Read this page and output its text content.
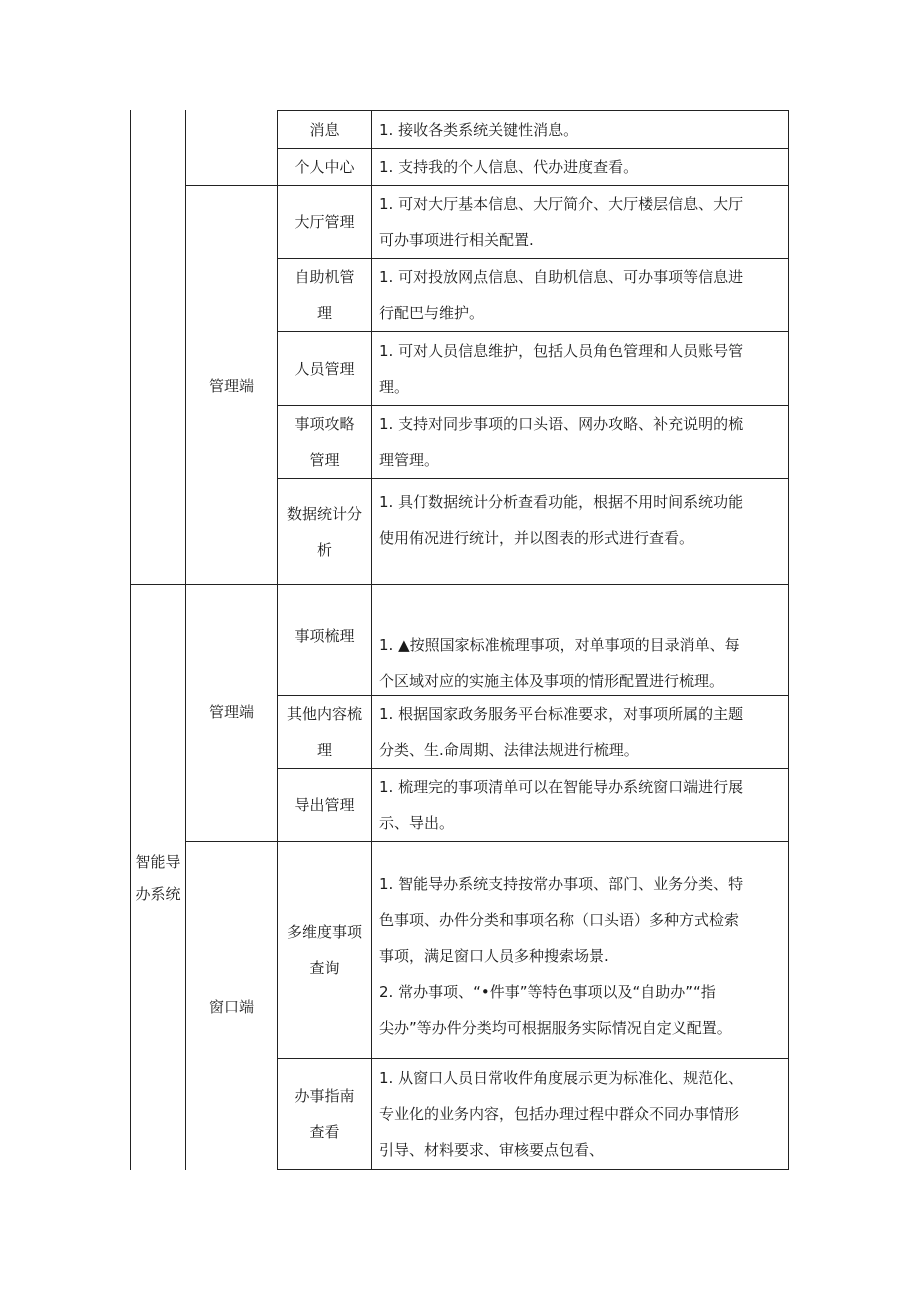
智能导
办系统
管理端
管理端
窗口端
消息	1. 接收各类系统关键性消息。
个人中心 1. 支持我的个人信息、代办进度查看。
大厅管理
1. 可对大厅基本信息、大厅简介、大厅楼层信息、大厅
可办事项进行相关配置.
自助机管
理
1. 可对投放网点信息、自助机信息、可办事项等信息进
行配巴与维护。
人员管理
1. 可对人员信息维护，包括人员角色管理和人员账号管
理。
事项攻略
管理
1. 支持对同步事项的口头语、网办攻略、补充说明的梳
理管理。
数据统计分
析
1. 具仃数据统计分析查看功能，根据不用时间系统功能
使用侑况进行统计，并以图表的形式进行查看。
事项梳理	1. ▲按照国家标准梳理事项，对单事项的目录消单、每
个区域对应的实施主体及事项的情形配置进行梳理。
其他内容梳
理
1. 根据国家政务服务平台标准要求，对事项所属的主题
分类、生.命周期、法律法规进行梳理。
导出管理
1. 梳理完的事项清单可以在智能导办系统窗口端进行展
示、导出。
多维度事项
查询
1. 智能导办系统支持按常办事项、部门、业务分类、特
色事项、办件分类和事项名称（口头语）多种方式检索
事项，满足窗口人员多种搜索场景.
2. 常办事项、“•件事”等特色事项以及“自助办”“指
尖办”等办件分类均可根据服务实际情况自定义配置。
办事指南
查看
1. 从窗口人员日常收件角度展示更为标准化、规范化、
专业化的业务内容，包括办理过程中群众不同办事情形
引导、材料要求、审核要点包看、
